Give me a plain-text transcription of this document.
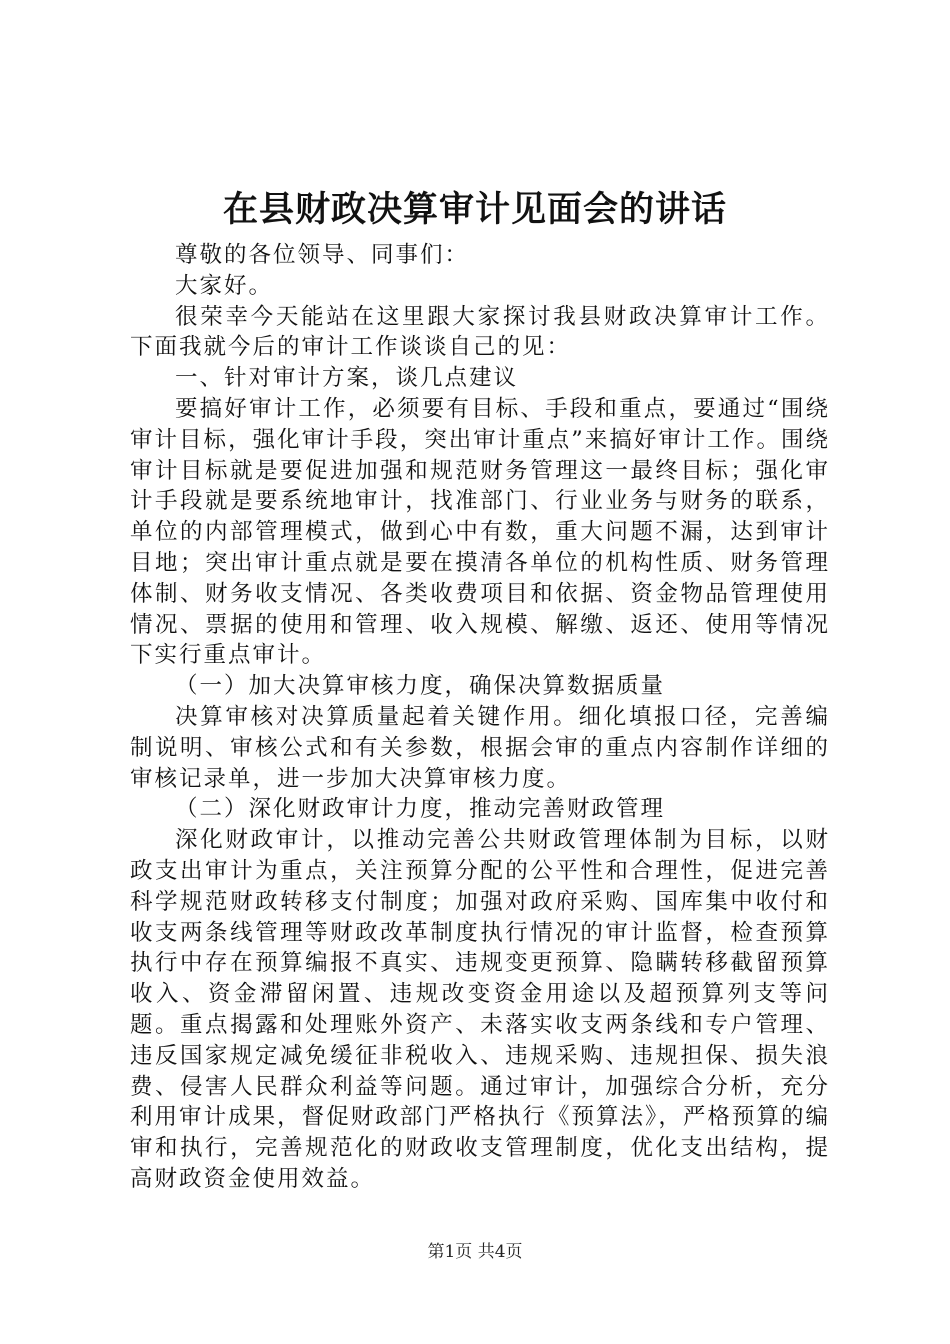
在县财政决算审计见面会的讲话

尊敬的各位领导、同事们：

大家好。

很荣幸今天能站在这里跟大家探讨我县财政决算审计工作。下面我就今后的审计工作谈谈自己的见：

一、针对审计方案，谈几点建议

要搞好审计工作，必须要有目标、手段和重点，要通过“围绕审计目标，强化审计手段，突出审计重点”来搞好审计工作。围绕审计目标就是要促进加强和规范财务管理这一最终目标；强化审计手段就是要系统地审计，找准部门、行业业务与财务的联系，单位的内部管理模式，做到心中有数，重大问题不漏，达到审计目地；突出审计重点就是要在摸清各单位的机构性质、财务管理体制、财务收支情况、各类收费项目和依据、资金物品管理使用情况、票据的使用和管理、收入规模、解缴、返还、使用等情况下实行重点审计。

（一）加大决算审核力度，确保决算数据质量

决算审核对决算质量起着关键作用。细化填报口径，完善编制说明、审核公式和有关参数，根据会审的重点内容制作详细的审核记录单，进一步加大决算审核力度。

（二）深化财政审计力度，推动完善财政管理

深化财政审计，以推动完善公共财政管理体制为目标，以财政支出审计为重点，关注预算分配的公平性和合理性，促进完善科学规范财政转移支付制度；加强对政府采购、国库集中收付和收支两条线管理等财政改革制度执行情况的审计监督，检查预算执行中存在预算编报不真实、违规变更预算、隐瞒转移截留预算收入、资金滞留闲置、违规改变资金用途以及超预算列支等问题。重点揭露和处理账外资产、未落实收支两条线和专户管理、违反国家规定减免缓征非税收入、违规采购、违规担保、损失浪费、侵害人民群众利益等问题。通过审计，加强综合分析，充分利用审计成果，督促财政部门严格执行《预算法》，严格预算的编审和执行，完善规范化的财政收支管理制度，优化支出结构，提高财政资金使用效益。

第1页 共4页
